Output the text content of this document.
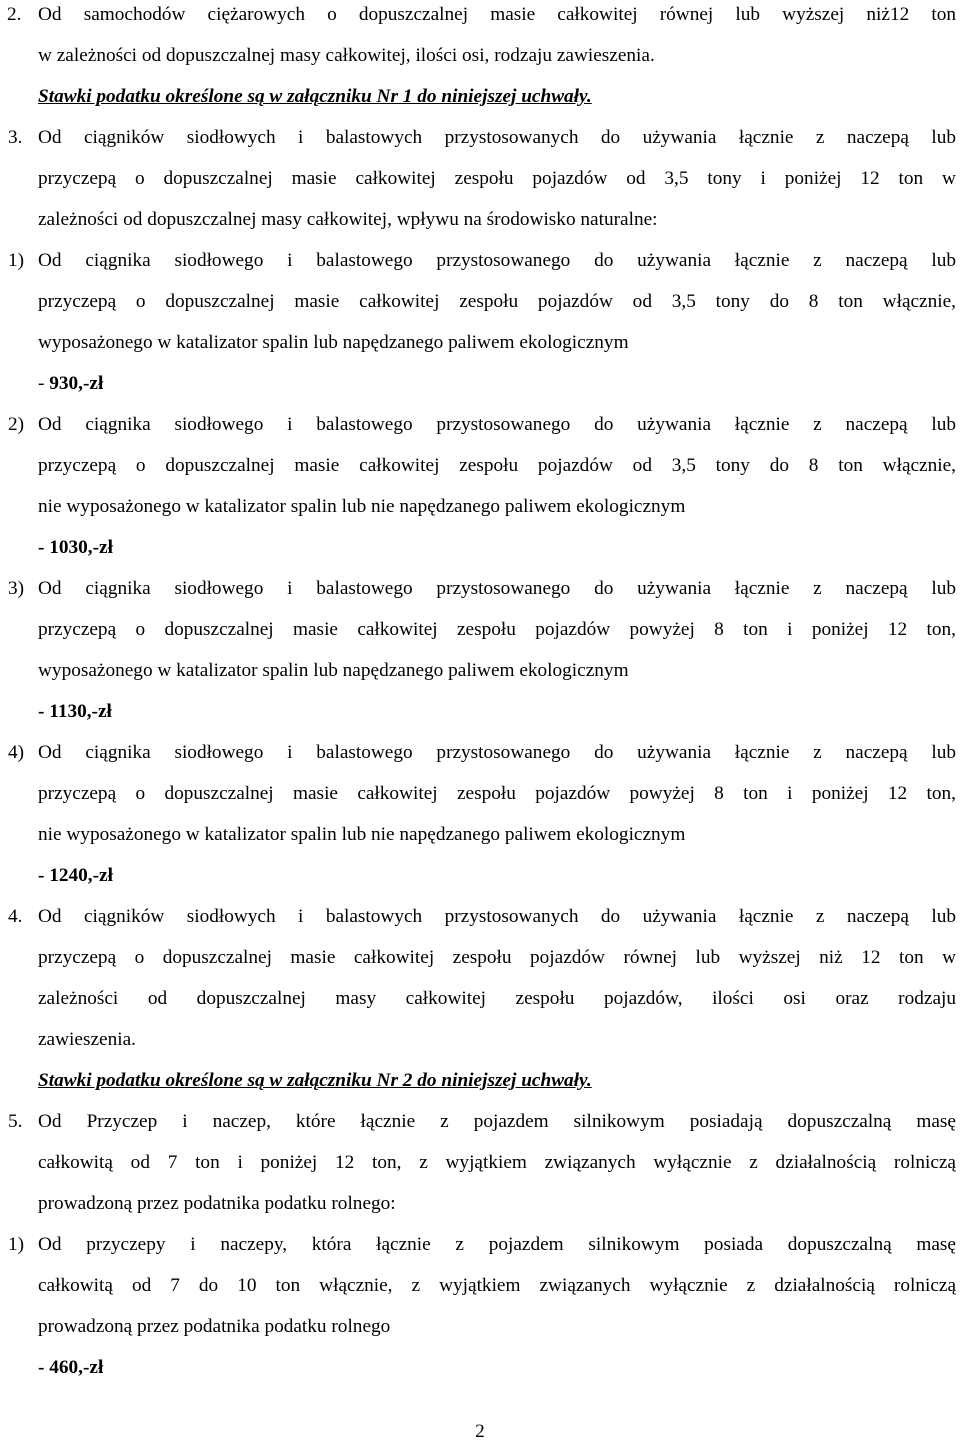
2. Od samochodów ciężarowych o dopuszczalnej masie całkowitej równej lub wyższej niż12 ton
w zależności od dopuszczalnej masy całkowitej, ilości osi, rodzaju zawieszenia.
Stawki podatku określone są w załączniku Nr 1 do niniejszej uchwały.
3. Od ciągników siodłowych i balastowych przystosowanych do używania łącznie z naczepą lub
przyczepą o dopuszczalnej masie całkowitej zespołu pojazdów od 3,5 tony i poniżej 12 ton w
zależności od dopuszczalnej masy całkowitej, wpływu na środowisko naturalne:
1) Od ciągnika siodłowego i balastowego przystosowanego do używania łącznie z naczepą lub
przyczepą o dopuszczalnej masie całkowitej zespołu pojazdów od 3,5 tony do 8 ton włącznie,
wyposażonego w katalizator spalin lub napędzanego paliwem ekologicznym
- 930,-zł
2) Od ciągnika siodłowego i balastowego przystosowanego do używania łącznie z naczepą lub
przyczepą o dopuszczalnej masie całkowitej zespołu pojazdów od 3,5 tony do 8 ton włącznie,
nie wyposażonego w katalizator spalin lub nie napędzanego paliwem ekologicznym
- 1030,-zł
3) Od ciągnika siodłowego i balastowego przystosowanego do używania łącznie z naczepą lub
przyczepą o dopuszczalnej masie całkowitej zespołu pojazdów powyżej 8 ton i poniżej 12 ton,
wyposażonego w katalizator spalin lub napędzanego paliwem ekologicznym
- 1130,-zł
4) Od ciągnika siodłowego i balastowego przystosowanego do używania łącznie z naczepą lub
przyczepą o dopuszczalnej masie całkowitej zespołu pojazdów powyżej 8 ton i poniżej 12 ton,
nie wyposażonego w katalizator spalin lub nie napędzanego paliwem ekologicznym
- 1240,-zł
4. Od ciągników siodłowych i balastowych przystosowanych do używania łącznie z naczepą lub
przyczepą o dopuszczalnej masie całkowitej zespołu pojazdów równej lub wyższej niż 12 ton w
zależności od dopuszczalnej masy całkowitej zespołu pojazdów, ilości osi oraz rodzaju
zawieszenia.
Stawki podatku określone są w załączniku Nr 2 do niniejszej uchwały.
5. Od Przyczep i naczep, które łącznie z pojazdem silnikowym posiadają dopuszczalną masę
całkowitą od 7 ton i poniżej 12 ton, z wyjątkiem związanych wyłącznie z działalnością rolniczą
prowadzoną przez podatnika podatku rolnego:
1) Od przyczepy i naczepy, która łącznie z pojazdem silnikowym posiada dopuszczalną masę
całkowitą od 7 do 10 ton włącznie, z wyjątkiem związanych wyłącznie z działalnością rolniczą
prowadzoną przez podatnika podatku rolnego
- 460,-zł
2
